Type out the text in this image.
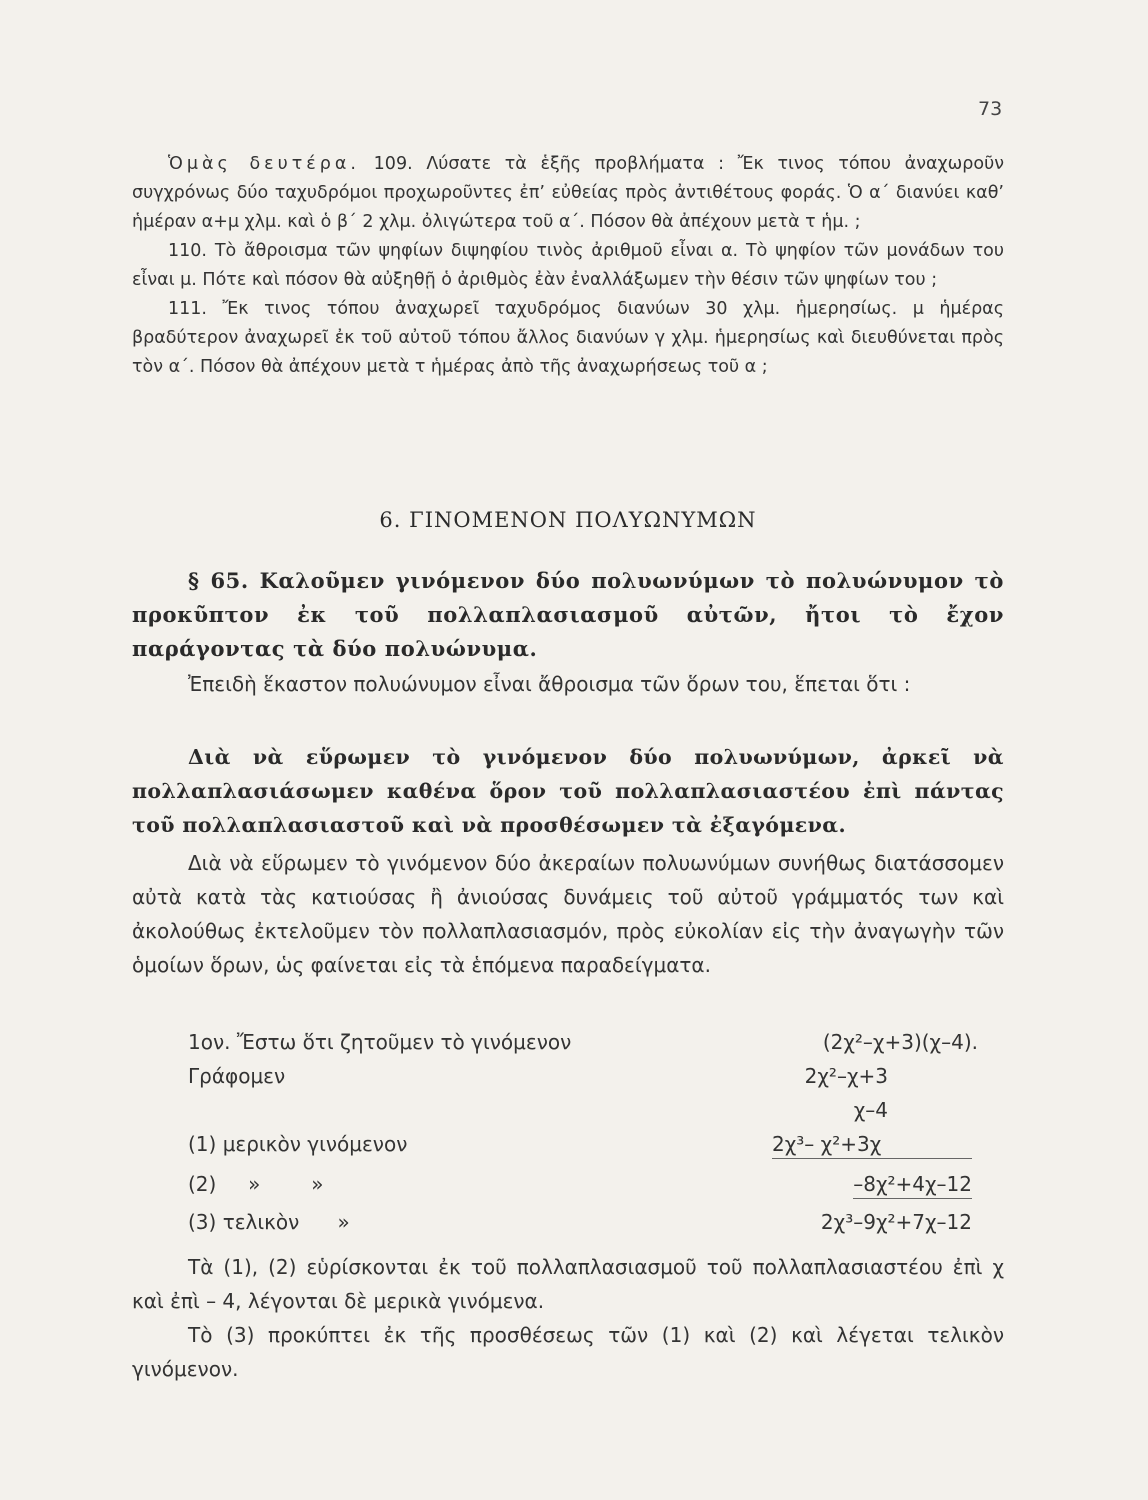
73

Ὁμὰς δευτέρα. 109. Λύσατε τὰ ἑξῆς προβλήματα : Ἔκ τινος τόπου ἀναχωροῦν συγχρόνως δύο ταχυδρόμοι προχωροῦντες ἐπ’ εὐθείας πρὸς ἀντιθέτους φοράς. Ὁ α΄ διανύει καθ’ ἡμέραν α+μ χλμ. καὶ ὁ β΄ 2 χλμ. ὀλιγώτερα τοῦ α΄. Πόσον θὰ ἀπέχουν μετὰ τ ἡμ. ;

110. Τὸ ἄθροισμα τῶν ψηφίων διψηφίου τινὸς ἀριθμοῦ εἶναι α. Τὸ ψηφίον τῶν μονάδων του εἶναι μ. Πότε καὶ πόσον θὰ αὐξηθῇ ὁ ἀριθμὸς ἐὰν ἐναλλάξωμεν τὴν θέσιν τῶν ψηφίων του ;

111. Ἔκ τινος τόπου ἀναχωρεῖ ταχυδρόμος διανύων 30 χλμ. ἡμερησίως. μ ἡμέρας βραδύτερον ἀναχωρεῖ ἐκ τοῦ αὐτοῦ τόπου ἄλλος διανύων γ χλμ. ἡμερησίως καὶ διευθύνεται πρὸς τὸν α΄. Πόσον θὰ ἀπέχουν μετὰ τ ἡμέρας ἀπὸ τῆς ἀναχωρήσεως τοῦ α ;

6. ΓΙΝΟΜΕΝΟΝ ΠΟΛΥΩΝΥΜΩΝ

§ 65. Καλοῦμεν γινόμενον δύο πολυωνύμων τὸ πολυώνυμον τὸ προκῦπτον ἐκ τοῦ πολλαπλασιασμοῦ αὐτῶν, ἤτοι τὸ ἔχον παράγοντας τὰ δύο πολυώνυμα.

Ἐπειδὴ ἕκαστον πολυώνυμον εἶναι ἄθροισμα τῶν ὅρων του, ἕπεται ὅτι :

Διὰ νὰ εὕρωμεν τὸ γινόμενον δύο πολυωνύμων, ἀρκεῖ νὰ πολλαπλασιάσωμεν καθένα ὅρον τοῦ πολλαπλασιαστέου ἐπὶ πάντας τοῦ πολλαπλασιαστοῦ καὶ νὰ προσθέσωμεν τὰ ἐξαγόμενα.

Διὰ νὰ εὕρωμεν τὸ γινόμενον δύο ἀκεραίων πολυωνύμων συνήθως διατάσσομεν αὐτὰ κατὰ τὰς κατιούσας ἢ ἀνιούσας δυνάμεις τοῦ αὐτοῦ γράμματός των καὶ ἀκολούθως ἐκτελοῦμεν τὸν πολλαπλασιασμόν, πρὸς εὐκολίαν εἰς τὴν ἀναγωγὴν τῶν ὁμοίων ὅρων, ὡς φαίνεται εἰς τὰ ἑπόμενα παραδείγματα.

1ον. Ἔστω ὅτι ζητοῦμεν τὸ γινόμενον	(2χ²–χ+3)(χ–4).
Γράφομεν	2χ²–χ+3
χ–4
(1) μερικὸν γινόμενον	2χ³– χ²+3χ
(2)     »        »	–8χ²+4χ–12
(3) τελικὸν      »	2χ³–9χ²+7χ–12

Τὰ (1), (2) εὑρίσκονται ἐκ τοῦ πολλαπλασιασμοῦ τοῦ πολλαπλασιαστέου ἐπὶ χ καὶ ἐπὶ – 4, λέγονται δὲ μερικὰ γινόμενα.

Τὸ (3) προκύπτει ἐκ τῆς προσθέσεως τῶν (1) καὶ (2) καὶ λέγεται τελικὸν γινόμενον.
